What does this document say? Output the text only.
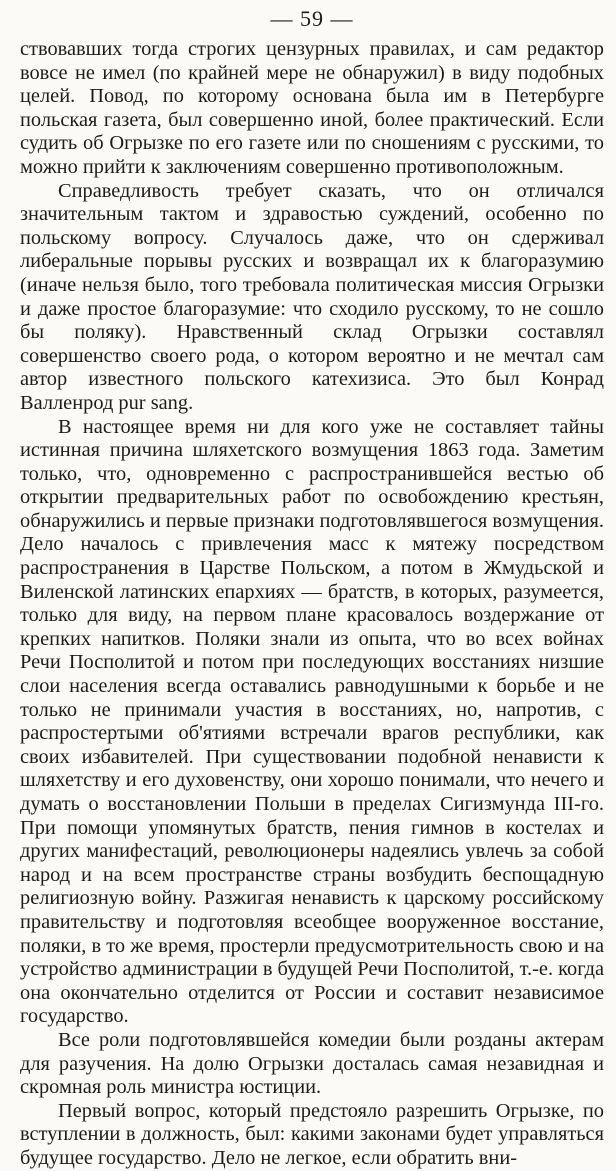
— 59 —

ствовавших тогда строгих цензурных правилах, и сам редактор вовсе не имел (по крайней мере не обнаружил) в виду подобных целей. Повод, по которому основана была им в Петербурге польская газета, был совершенно иной, более практический. Если судить об Огрызке по его газете или по сношениям с русскими, то можно прийти к заключениям совершенно противоположным.

Справедливость требует сказать, что он отличался значительным тактом и здравостью суждений, особенно по польскому вопросу. Случалось даже, что он сдерживал либеральные порывы русских и возвращал их к благоразумию (иначе нельзя было, того требовала политическая миссия Огрызки и даже простое благоразумие: что сходило русскому, то не сошло бы поляку). Нравственный склад Огрызки составлял совершенство своего рода, о котором вероятно и не мечтал сам автор известного польского катехизиса. Это был Конрад Валленрод pur sang.

В настоящее время ни для кого уже не составляет тайны истинная причина шляхетского возмущения 1863 года. Заметим только, что, одновременно с распространившейся вестью об открытии предварительных работ по освобождению крестьян, обнаружились и первые признаки подготовлявшегося возмущения. Дело началось с привлечения масс к мятежу посредством распространения в Царстве Польском, а потом в Жмудьской и Виленской латинских епархиях — братств, в которых, разумеется, только для виду, на первом плане красовалось воздержание от крепких напитков. Поляки знали из опыта, что во всех войнах Речи Посполитой и потом при последующих восстаниях низшие слои населения всегда оставались равнодушными к борьбе и не только не принимали участия в восстаниях, но, напротив, с распростертыми об'ятиями встречали врагов республики, как своих избавителей. При существовании подобной ненависти к шляхетству и его духовенству, они хорошо понимали, что нечего и думать о восстановлении Польши в пределах Сигизмунда III-го. При помощи упомянутых братств, пения гимнов в костелах и других манифестаций, революционеры надеялись увлечь за собой народ и на всем пространстве страны возбудить беспощадную религиозную войну. Разжигая ненависть к царскому российскому правительству и подготовляя всеобщее вооруженное восстание, поляки, в то же время, простерли предусмотрительность свою и на устройство администрации в будущей Речи Посполитой, т.-е. когда она окончательно отделится от России и составит независимое государство.

Все роли подготовлявшейся комедии были розданы актерам для разучения. На долю Огрызки досталась самая незавидная и скромная роль министра юстиции.

Первый вопрос, который предстояло разрешить Огрызке, по вступлении в должность, был: какими законами будет управляться будущее государство. Дело не легкое, если обратить вни-
